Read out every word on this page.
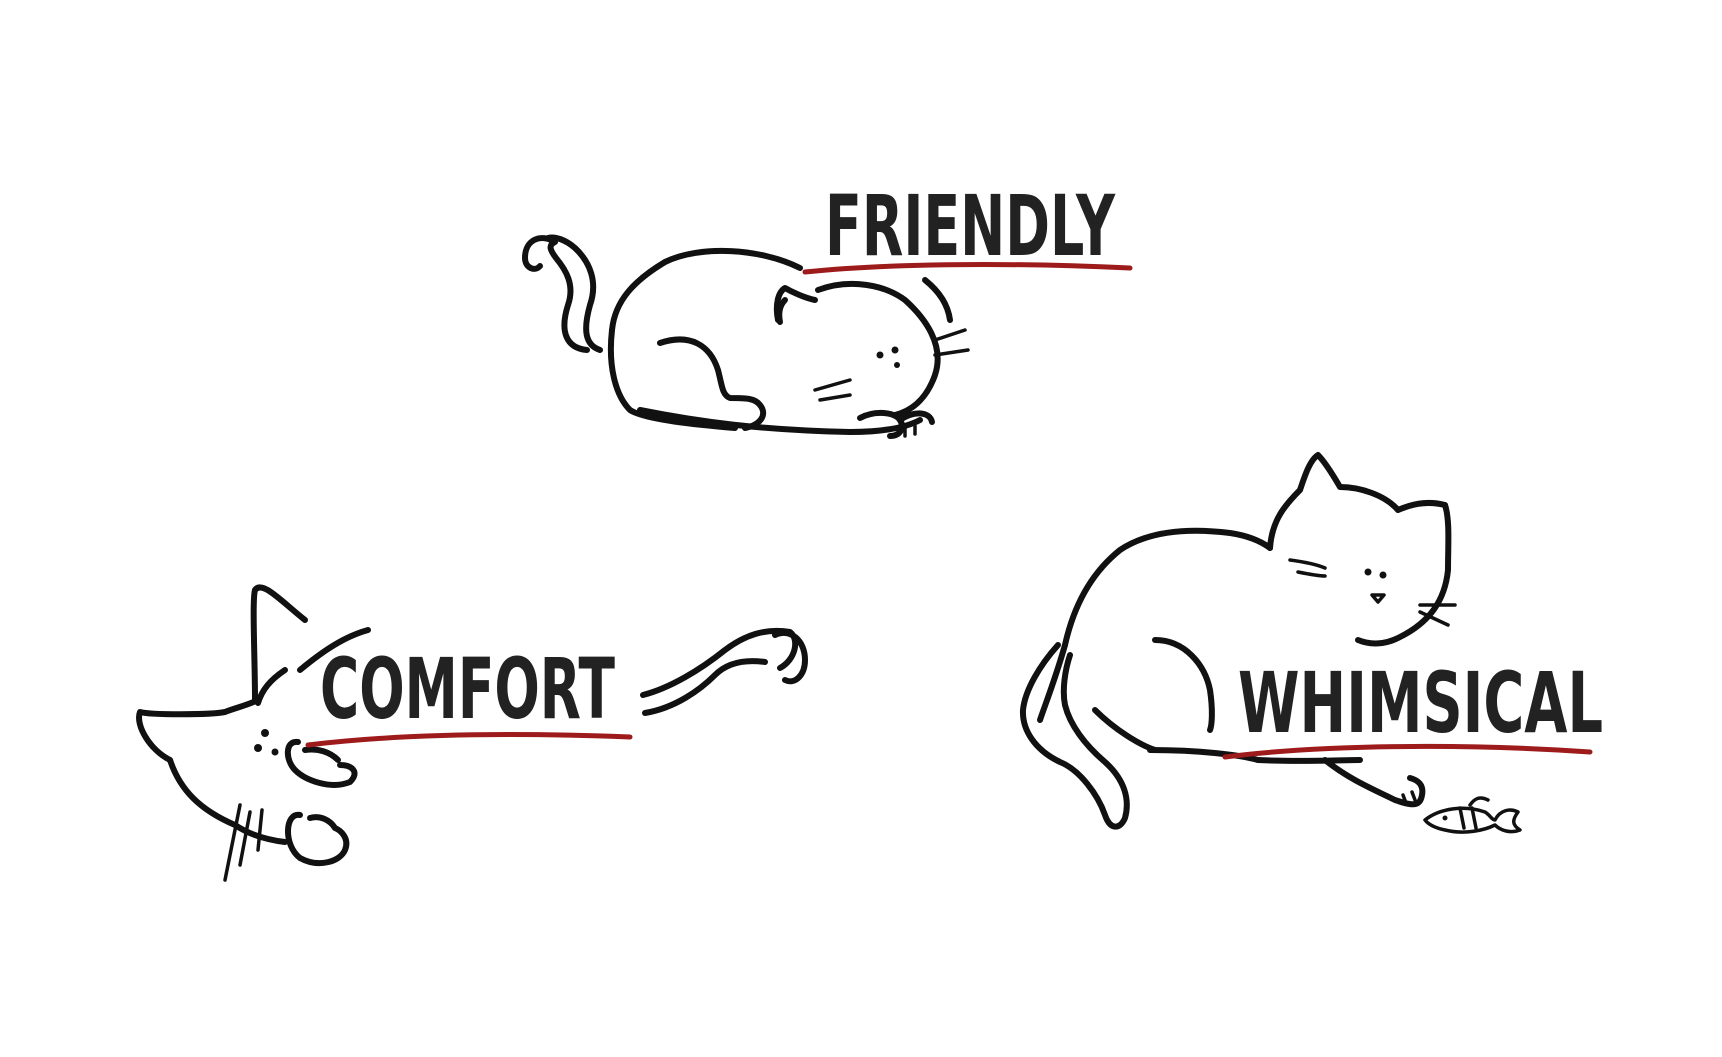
FRIENDLY
COMFORT	WHIMSICAL
